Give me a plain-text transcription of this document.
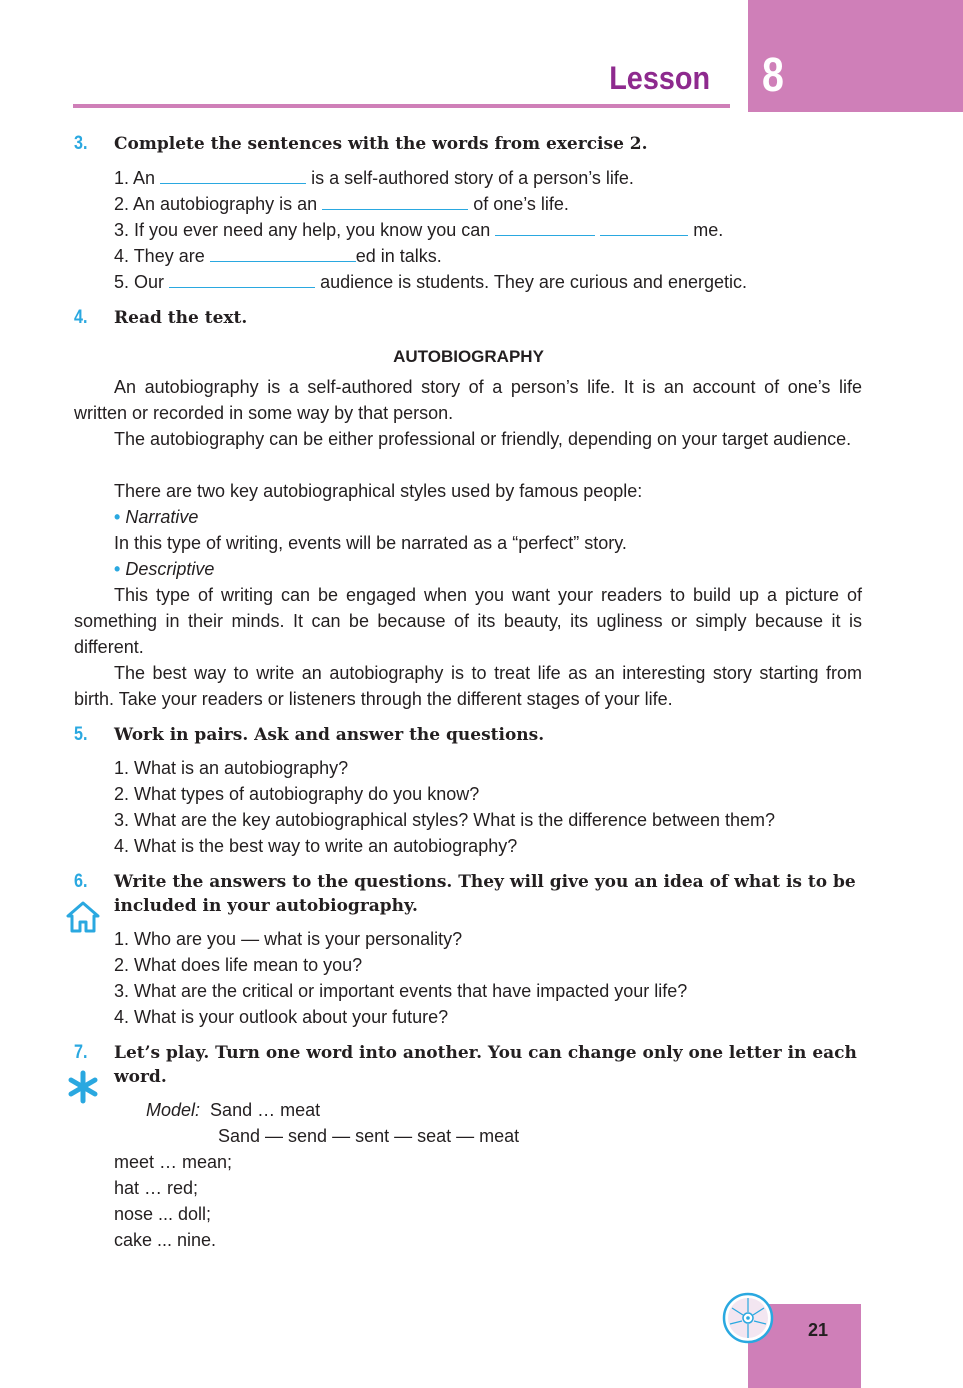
8
Lesson
3. Complete the sentences with the words from exercise 2.
1. An	is a self-authored story of a person’s life.
2. An autobiography is an	of one’s life.
3. If you ever need any help, you know you can	me.
4. They are	ed in talks.
5. Our	audience is students. They are curious and energetic.
4. Read the text.
AUTOBIOGRAPHY
An autobiography is a self-authored story of a person’s life. It is an account of one’s life written or recorded in some way by that person.
The autobiography can be either professional or friendly, depending on your target audience.
There are two key autobiographical styles used by famous people:
• Narrative
In this type of writing, events will be narrated as a “perfect” story.
• Descriptive
This type of writing can be engaged when you want your readers to build up a picture of something in their minds. It can be because of its beauty, its ugliness or simply because it is different.
The best way to write an autobiography is to treat life as an interesting story starting from birth. Take your readers or listeners through the different stages of your life.
5. Work in pairs. Ask and answer the questions.
1. What is an autobiography?
2. What types of autobiography do you know?
3. What are the key autobiographical styles? What is the difference between them?
4. What is the best way to write an autobiography?
6. Write the answers to the questions. They will give you an idea of what is to be included in your autobiography.
1. Who are you — what is your personality?
2. What does life mean to you?
3. What are the critical or important events that have impacted your life?
4. What is your outlook about your future?
7. Let’s play. Turn one word into another. You can change only one letter in each word.
Model: Sand … meat
Sand — send — sent — seat — meat
meet … mean;
hat … red;
nose ... doll;
cake ... nine.
21
